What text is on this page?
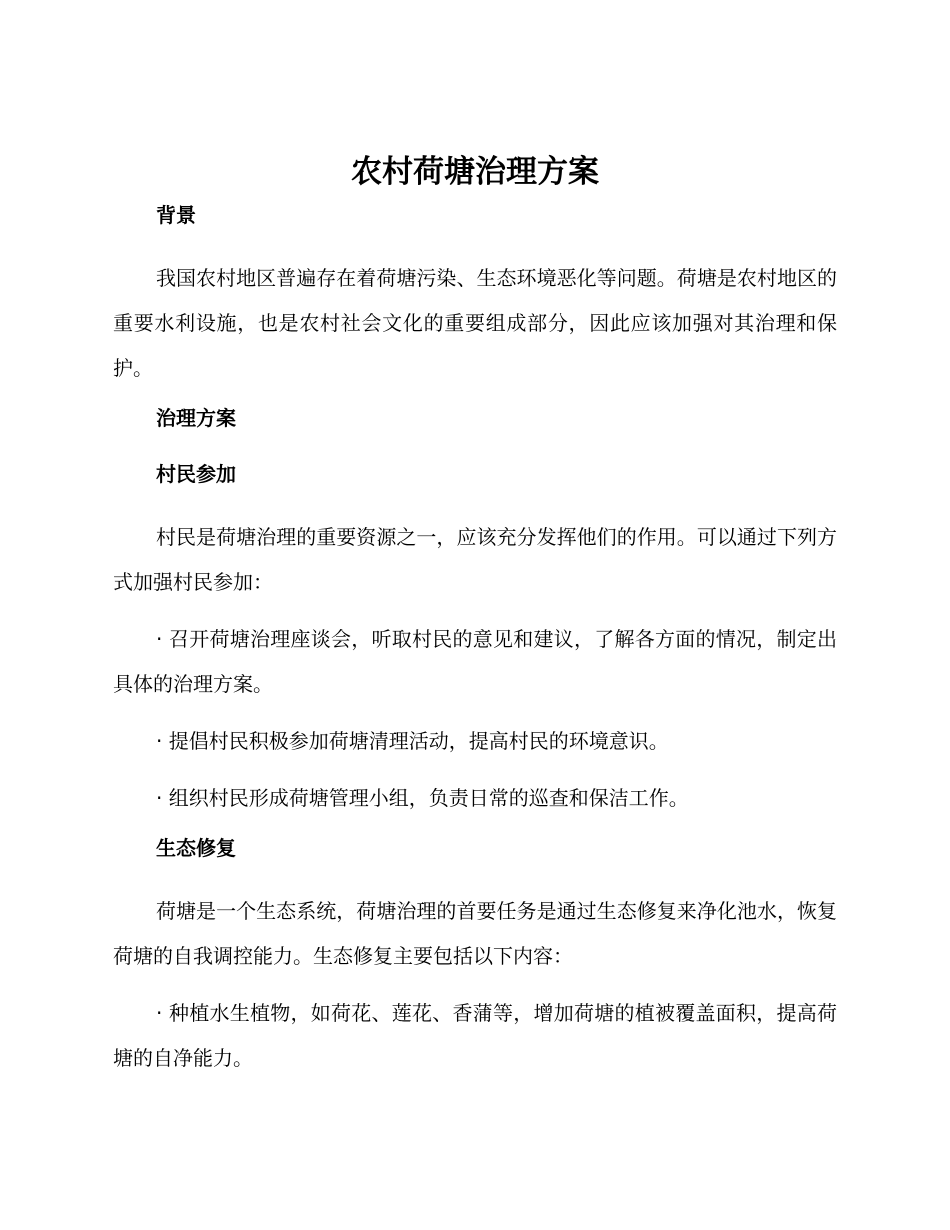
农村荷塘治理方案
背景

我国农村地区普遍存在着荷塘污染、生态环境恶化等问题。荷塘是农村地区的重要水利设施，也是农村社会文化的重要组成部分，因此应该加强对其治理和保护。

治理方案
村民参加

村民是荷塘治理的重要资源之一，应该充分发挥他们的作用。可以通过下列方式加强村民参加：

· 召开荷塘治理座谈会，听取村民的意见和建议，了解各方面的情况，制定出具体的治理方案。

· 提倡村民积极参加荷塘清理活动，提高村民的环境意识。

· 组织村民形成荷塘管理小组，负责日常的巡查和保洁工作。

生态修复

荷塘是一个生态系统，荷塘治理的首要任务是通过生态修复来净化池水，恢复荷塘的自我调控能力。生态修复主要包括以下内容：

· 种植水生植物，如荷花、莲花、香蒲等，增加荷塘的植被覆盖面积，提高荷塘的自净能力。
